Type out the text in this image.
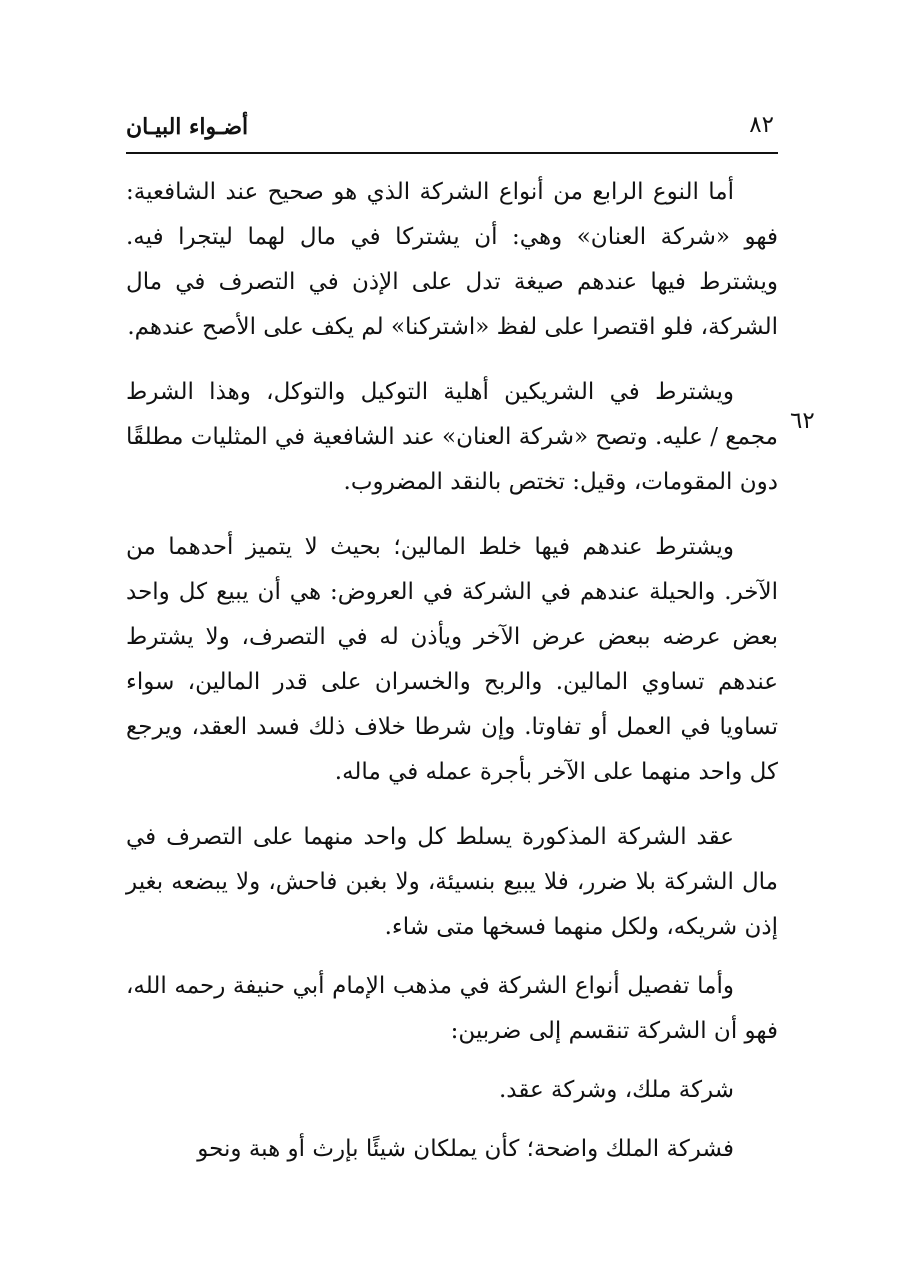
أضـواء البيـان	٨٢
٦٢

أما النوع الرابع من أنواع الشركة الذي هو صحيح عند الشافعية: فهو «شركة العنان» وهي: أن يشتركا في مال لهما ليتجرا فيه. ويشترط فيها عندهم صيغة تدل على الإذن في التصرف في مال الشركة، فلو اقتصرا على لفظ «اشتركنا» لم يكف على الأصح عندهم.

ويشترط في الشريكين أهلية التوكيل والتوكل، وهذا الشرط مجمع / عليه. وتصح «شركة العنان» عند الشافعية في المثليات مطلقًا دون المقومات، وقيل: تختص بالنقد المضروب.

ويشترط عندهم فيها خلط المالين؛ بحيث لا يتميز أحدهما من الآخر. والحيلة عندهم في الشركة في العروض: هي أن يبيع كل واحد بعض عرضه ببعض عرض الآخر ويأذن له في التصرف، ولا يشترط عندهم تساوي المالين. والربح والخسران على قدر المالين، سواء تساويا في العمل أو تفاوتا. وإن شرطا خلاف ذلك فسد العقد، ويرجع كل واحد منهما على الآخر بأجرة عمله في ماله.

عقد الشركة المذكورة يسلط كل واحد منهما على التصرف في مال الشركة بلا ضرر، فلا يبيع بنسيئة، ولا بغبن فاحش، ولا يبضعه بغير إذن شريكه، ولكل منهما فسخها متى شاء.

وأما تفصيل أنواع الشركة في مذهب الإمام أبي حنيفة رحمه الله، فهو أن الشركة تنقسم إلى ضربين:

شركة ملك، وشركة عقد.

فشركة الملك واضحة؛ كأن يملكان شيئًا بإرث أو هبة ونحو
